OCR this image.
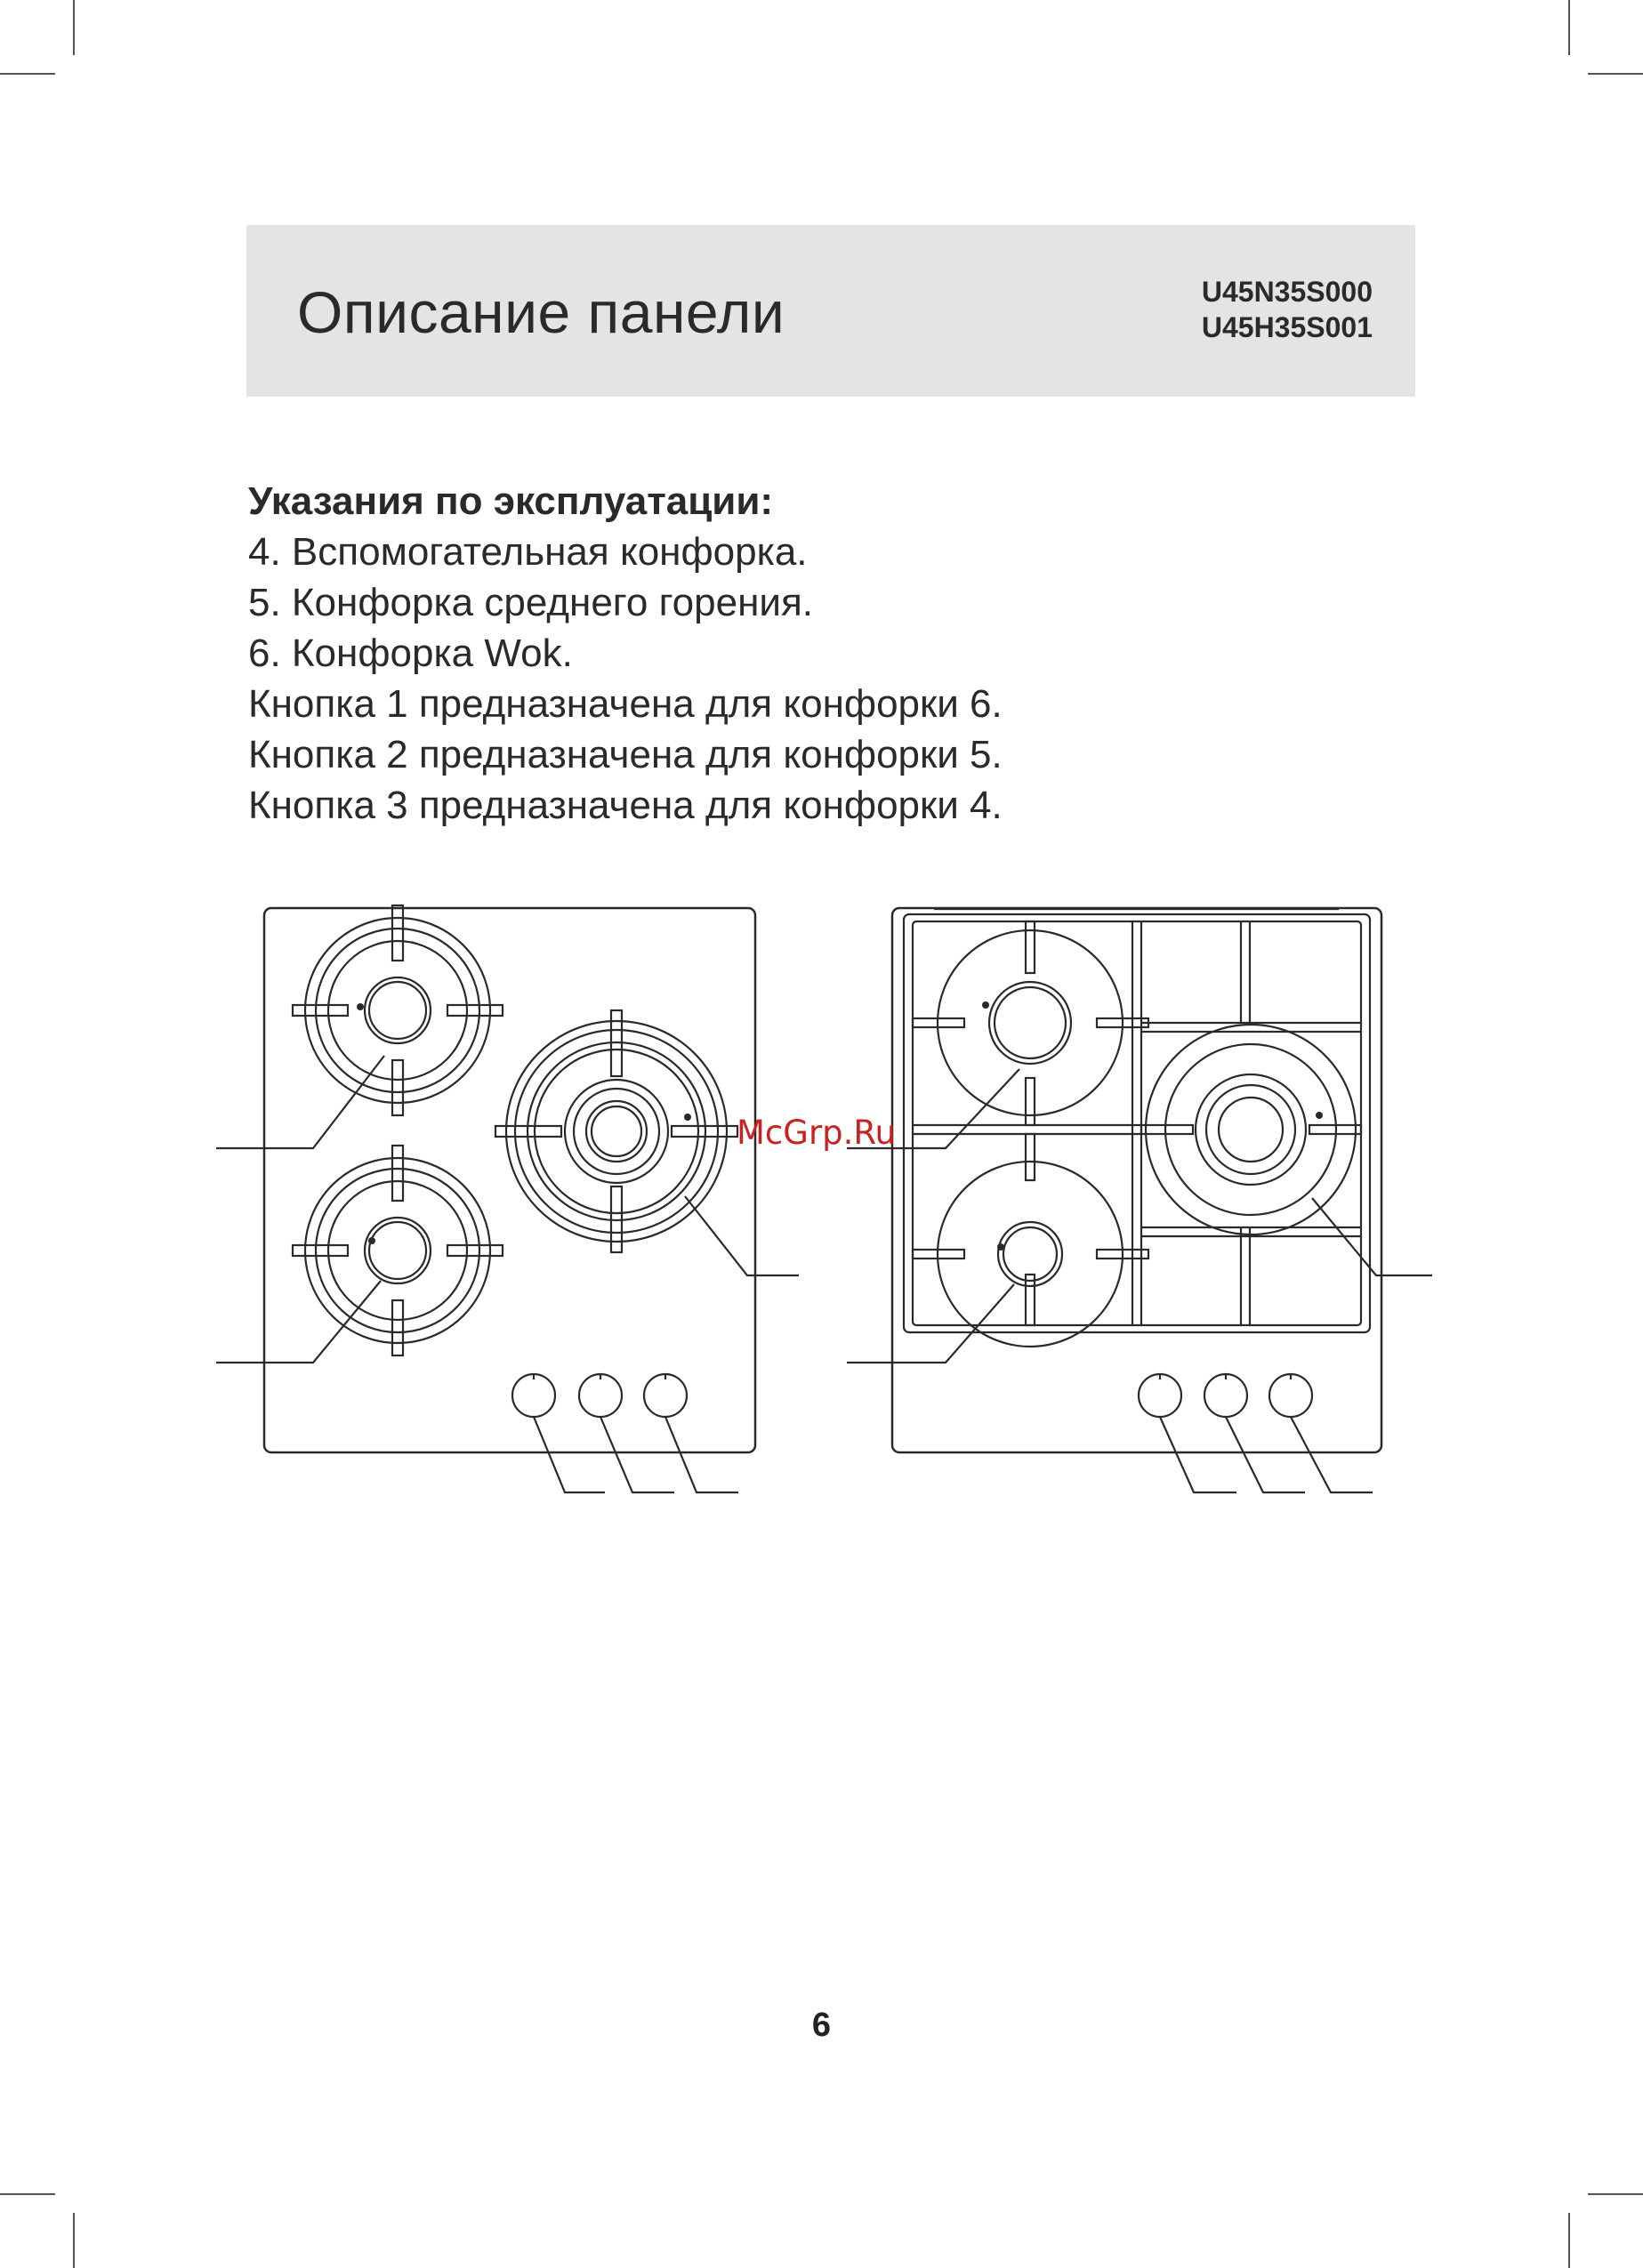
Описание панели	U45N35S000
U45H35S001
Указания по эксплуатации:
4. Вспомогательная конфорка.
5. Конфорка среднего горения.
6. Конфорка Wok.
Кнопка 1 предназначена для конфорки 6.
Кнопка 2 предназначена для конфорки 5.
Кнопка 3 предназначена для конфорки 4.
McGrp.Ru
6
